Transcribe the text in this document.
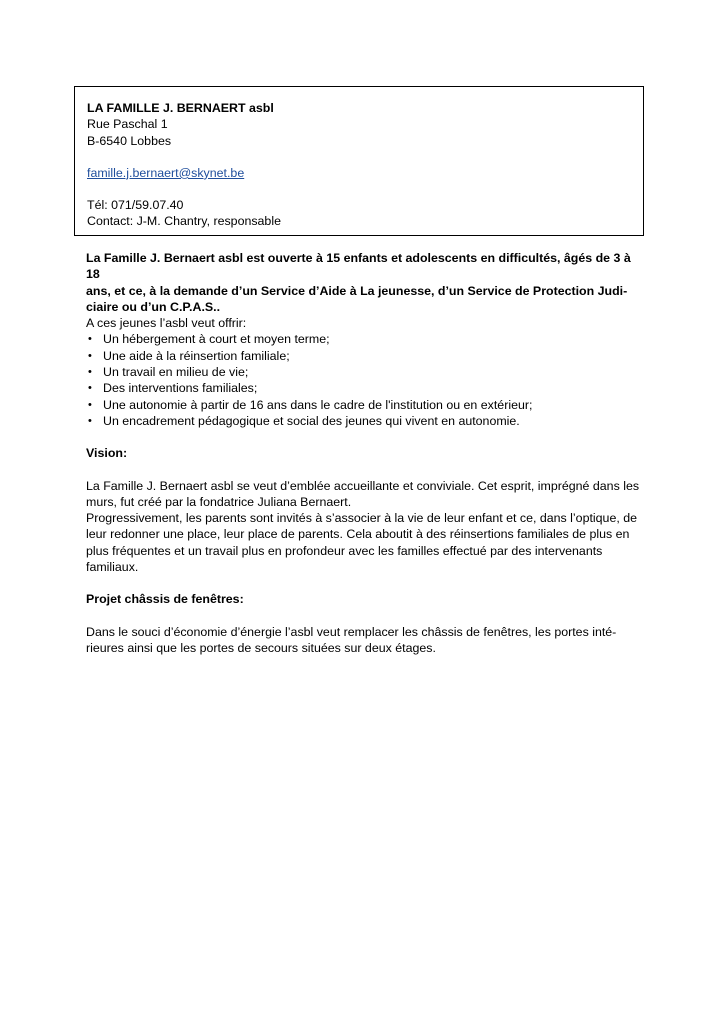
LA FAMILLE J. BERNAERT asbl

Rue Paschal 1

B-6540 Lobbes

famille.j.bernaert@skynet.be

Tél: 071/59.07.40

Contact: J-M. Chantry, responsable

La Famille J. Bernaert asbl est ouverte à 15 enfants et adolescents en difficultés, âgés de 3 à 18

ans, et ce, à la demande d’un Service d’Aide à La jeunesse, d’un Service de Protection Judi-

ciaire ou d’un C.P.A.S..

A ces jeunes l’asbl veut offrir:

• Un hébergement à court et moyen terme;
• Une aide à la réinsertion familiale;
• Un travail en milieu de vie;
• Des interventions familiales;
• Une autonomie à partir de 16 ans dans le cadre de l'institution ou en extérieur;
• Un encadrement pédagogique et social des jeunes qui vivent en autonomie.

Vision:

La Famille J. Bernaert asbl se veut d’emblée accueillante et conviviale. Cet esprit, imprégné dans les

murs, fut créé par la fondatrice Juliana Bernaert.

Progressivement, les parents sont invités à s’associer à la vie de leur enfant et ce, dans l’optique, de

leur redonner une place, leur place de parents. Cela aboutit à des réinsertions familiales de plus en

plus fréquentes et un travail plus en profondeur avec les familles effectué par des intervenants

familiaux.

Projet châssis de fenêtres:

Dans le souci d’économie d’énergie l’asbl veut remplacer les châssis de fenêtres, les portes inté-

rieures ainsi que les portes de secours situées sur deux étages.
